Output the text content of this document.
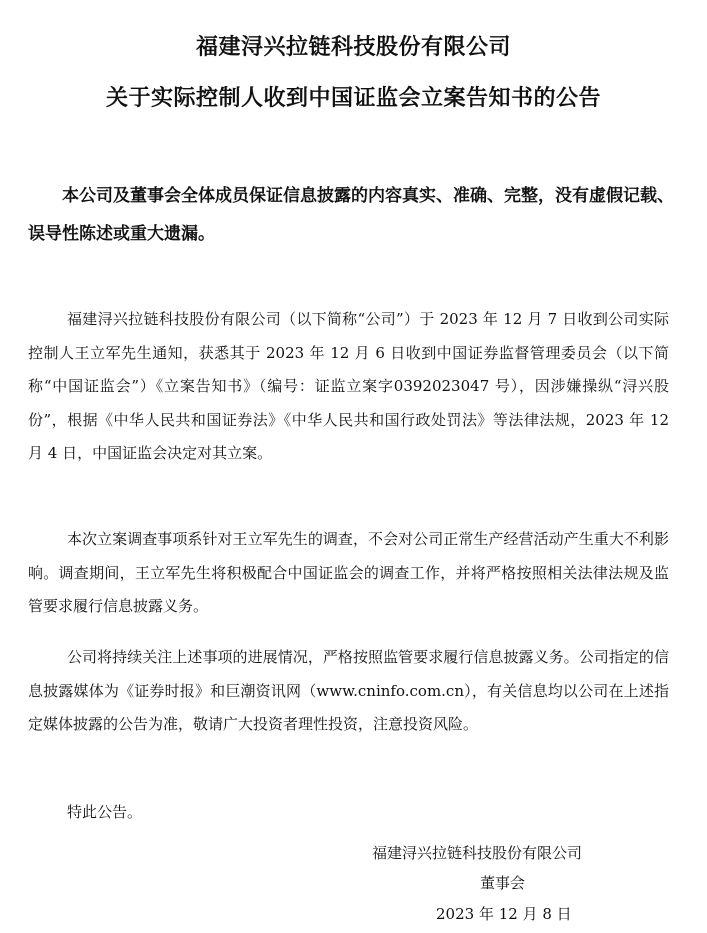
福建浔兴拉链科技股份有限公司
关于实际控制人收到中国证监会立案告知书的公告
本公司及董事会全体成员保证信息披露的内容真实、准确、完整，没有虚假记载、误导性陈述或重大遗漏。

福建浔兴拉链科技股份有限公司（以下简称“公司”）于 2023 年 12 月 7 日收到公司实际控制人王立军先生通知，获悉其于 2023 年 12 月 6 日收到中国证券监督管理委员会（以下简称“中国证监会”）《立案告知书》（编号：证监立案字0392023047 号），因涉嫌操纵“浔兴股份”，根据《中华人民共和国证券法》《中华人民共和国行政处罚法》等法律法规，2023 年 12 月 4 日，中国证监会决定对其立案。

本次立案调查事项系针对王立军先生的调查，不会对公司正常生产经营活动产生重大不利影响。调查期间，王立军先生将积极配合中国证监会的调查工作，并将严格按照相关法律法规及监管要求履行信息披露义务。

公司将持续关注上述事项的进展情况，严格按照监管要求履行信息披露义务。公司指定的信息披露媒体为《证券时报》和巨潮资讯网（www.cninfo.com.cn），有关信息均以公司在上述指定媒体披露的公告为准，敬请广大投资者理性投资，注意投资风险。

特此公告。

福建浔兴拉链科技股份有限公司
董事会
2023 年 12 月 8 日
